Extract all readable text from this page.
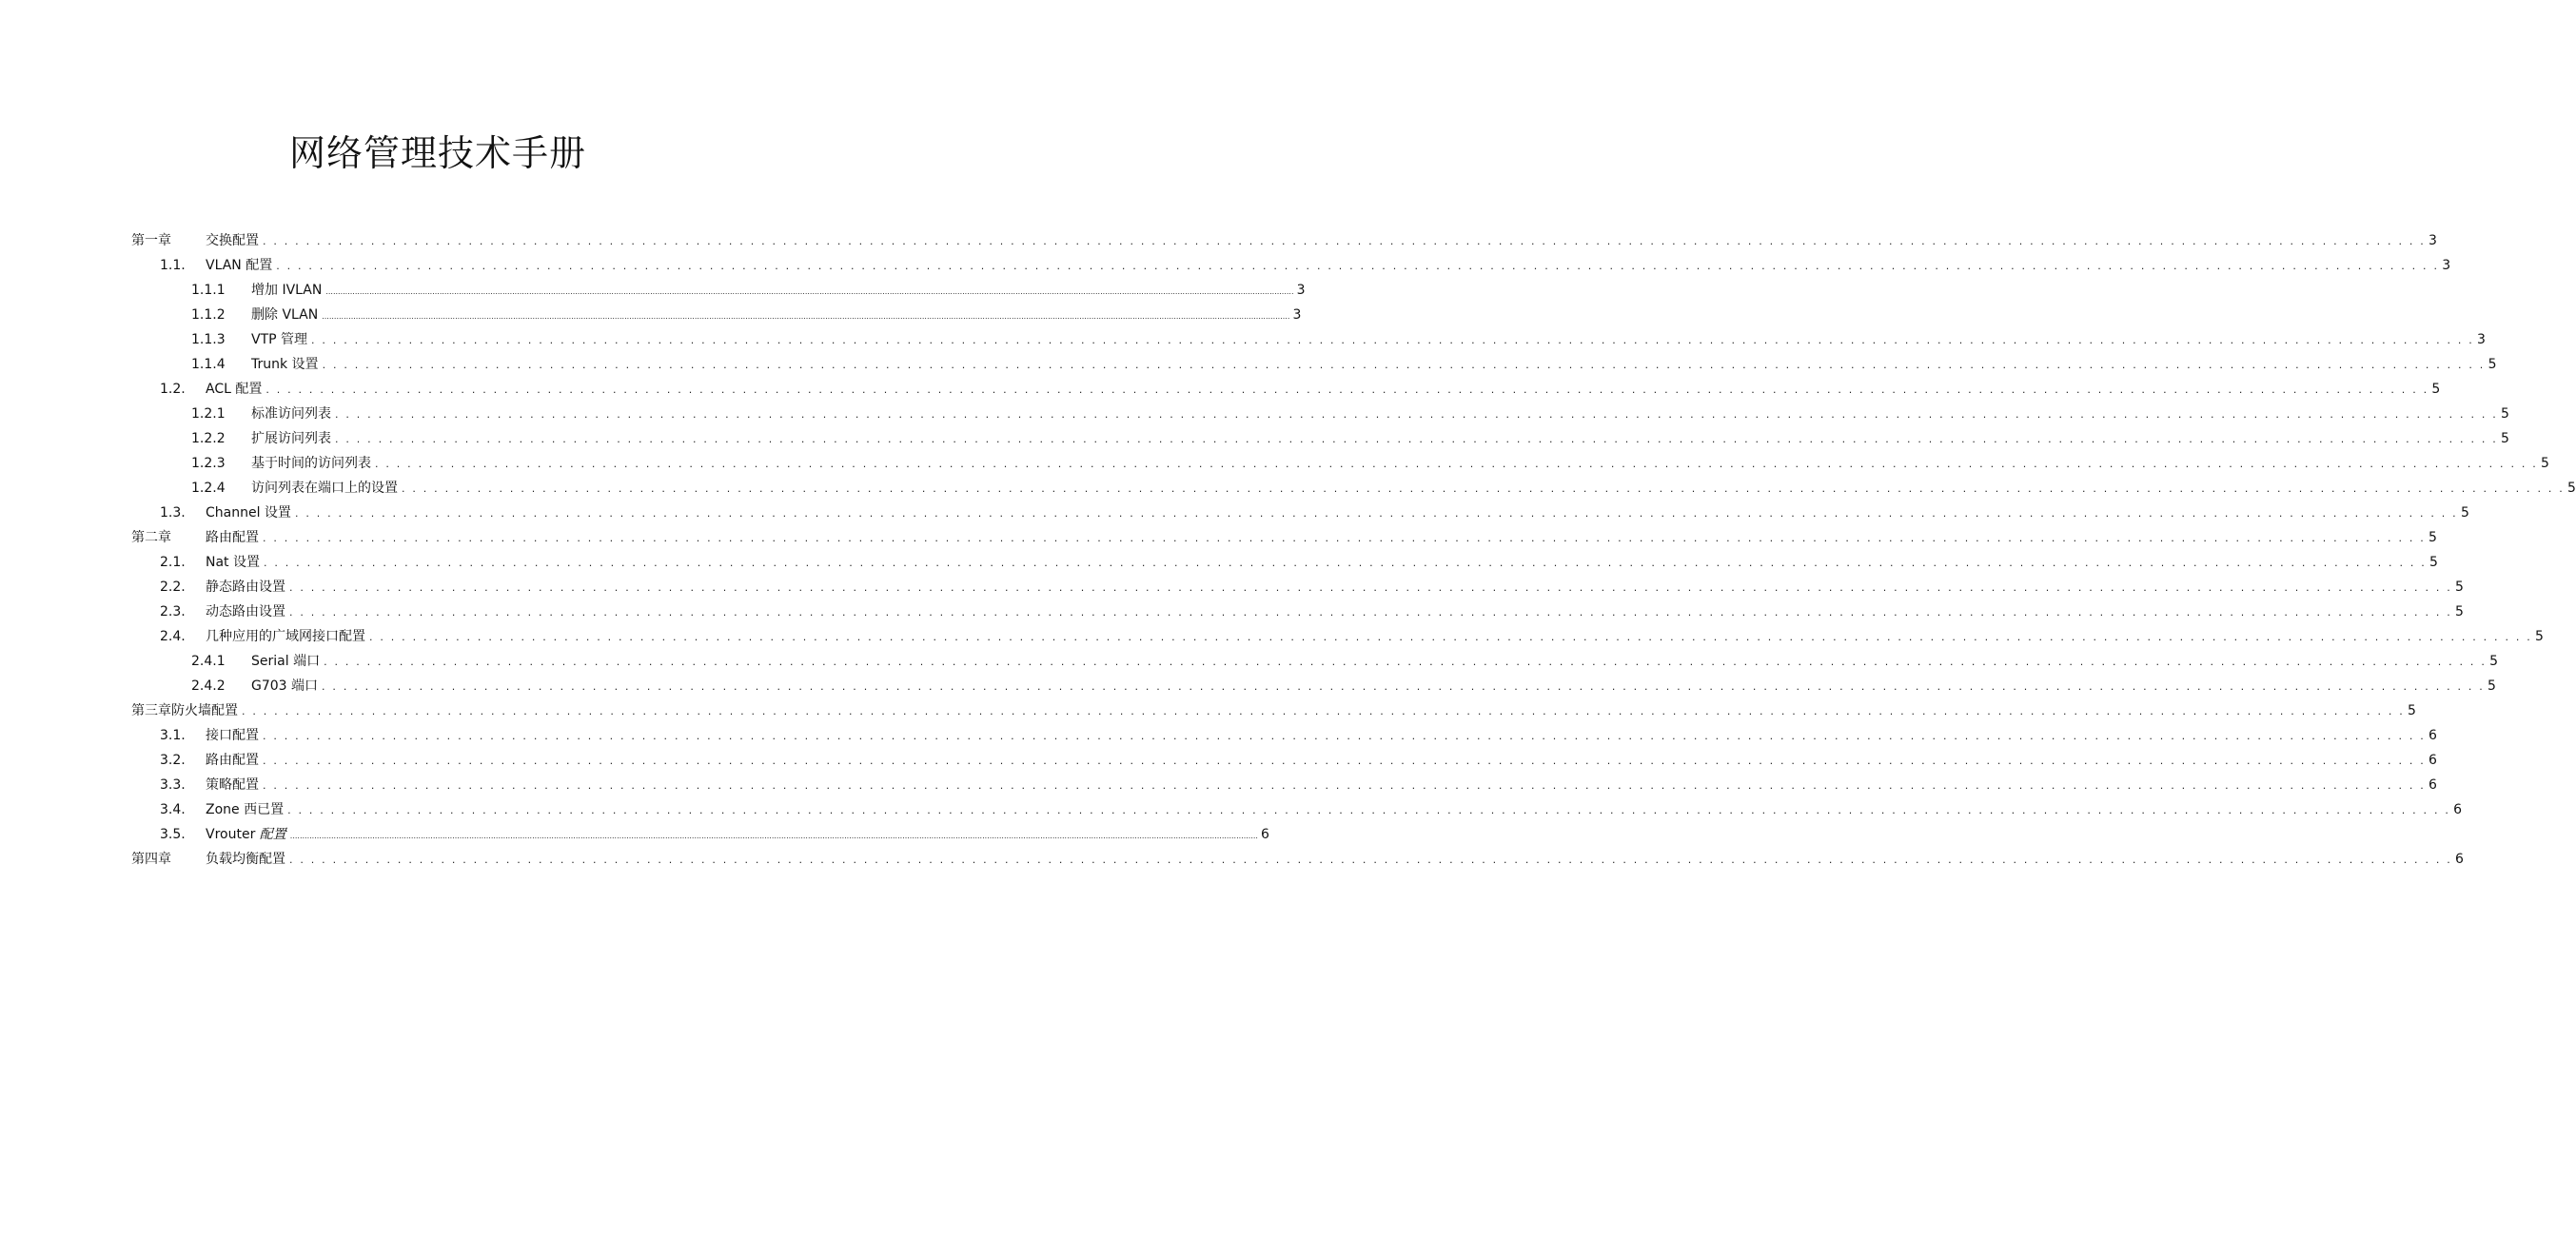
网络管理技术手册
第一章	交换配置 . . . . . . . . . . . . . . . . . . . . . . . . . . . . . . . . . . . . . . . . . . . . . . . . . . . . . . . . . . . . . . . . . . . . . . . . . . . . . . . . . . . . . . . . . . . . . . . . . . . . . . . . . . . . . . . . . . . . . . . . . . . . . . . . . . . . . . . . . . . . . . . . . . . . . . . . . . . . . . . . . . . . . . . . . . . . . . . . . . . . . . . . . . . . . . . . . . . . . . . . 3
1.1. VLAN 配置 . . . . . . . . . . . . . . . . . . . . . . . . . . . . . . . . . . . . . . . . . . . . . . . . . . . . . . . . . . . . . . . . . . . . . . . . . . . . . . . . . . . . . . . . . . . . . . . . . . . . . . . . . . . . . . . . . . . . . . . . . . . . . . . . . . . . . . . . . . . . . . . . . . . . . . . . . . . . . . . . . . . . . . . . . . . . . . . . . . . . . . . . . . . . . . . . . . . . . . . . 3
1.1.1 增加 IVLAN ................................................................................................................................................................................................................................................................................................................................................................................................................ 3
1.1.2 删除 VLAN ................................................................................................................................................................................................................................................................................................................................................................................................................ 3
1.1.3 VTP 管理 . . . . . . . . . . . . . . . . . . . . . . . . . . . . . . . . . . . . . . . . . . . . . . . . . . . . . . . . . . . . . . . . . . . . . . . . . . . . . . . . . . . . . . . . . . . . . . . . . . . . . . . . . . . . . . . . . . . . . . . . . . . . . . . . . . . . . . . . . . . . . . . . . . . . . . . . . . . . . . . . . . . . . . . . . . . . . . . . . . . . . . . . . . . . . . . . . . . . . . . . 3
1.1.4 Trunk 设置 . . . . . . . . . . . . . . . . . . . . . . . . . . . . . . . . . . . . . . . . . . . . . . . . . . . . . . . . . . . . . . . . . . . . . . . . . . . . . . . . . . . . . . . . . . . . . . . . . . . . . . . . . . . . . . . . . . . . . . . . . . . . . . . . . . . . . . . . . . . . . . . . . . . . . . . . . . . . . . . . . . . . . . . . . . . . . . . . . . . . . . . . . . . . . . . . . . . . . . . . 5
1.2. ACL 配置 . . . . . . . . . . . . . . . . . . . . . . . . . . . . . . . . . . . . . . . . . . . . . . . . . . . . . . . . . . . . . . . . . . . . . . . . . . . . . . . . . . . . . . . . . . . . . . . . . . . . . . . . . . . . . . . . . . . . . . . . . . . . . . . . . . . . . . . . . . . . . . . . . . . . . . . . . . . . . . . . . . . . . . . . . . . . . . . . . . . . . . . . . . . . . . . . . . . . . . . . 5
1.2.1 标准访问列表 . . . . . . . . . . . . . . . . . . . . . . . . . . . . . . . . . . . . . . . . . . . . . . . . . . . . . . . . . . . . . . . . . . . . . . . . . . . . . . . . . . . . . . . . . . . . . . . . . . . . . . . . . . . . . . . . . . . . . . . . . . . . . . . . . . . . . . . . . . . . . . . . . . . . . . . . . . . . . . . . . . . . . . . . . . . . . . . . . . . . . . . . . . . . . . . . . . . . . . . . 5
1.2.2 扩展访问列表 . . . . . . . . . . . . . . . . . . . . . . . . . . . . . . . . . . . . . . . . . . . . . . . . . . . . . . . . . . . . . . . . . . . . . . . . . . . . . . . . . . . . . . . . . . . . . . . . . . . . . . . . . . . . . . . . . . . . . . . . . . . . . . . . . . . . . . . . . . . . . . . . . . . . . . . . . . . . . . . . . . . . . . . . . . . . . . . . . . . . . . . . . . . . . . . . . . . . . . . . 5
1.2.3 基于时间的访问列表 . . . . . . . . . . . . . . . . . . . . . . . . . . . . . . . . . . . . . . . . . . . . . . . . . . . . . . . . . . . . . . . . . . . . . . . . . . . . . . . . . . . . . . . . . . . . . . . . . . . . . . . . . . . . . . . . . . . . . . . . . . . . . . . . . . . . . . . . . . . . . . . . . . . . . . . . . . . . . . . . . . . . . . . . . . . . . . . . . . . . . . . . . . . . . . . . . . . . . . . . 5
1.2.4 访问列表在端口上的设置 . . . . . . . . . . . . . . . . . . . . . . . . . . . . . . . . . . . . . . . . . . . . . . . . . . . . . . . . . . . . . . . . . . . . . . . . . . . . . . . . . . . . . . . . . . . . . . . . . . . . . . . . . . . . . . . . . . . . . . . . . . . . . . . . . . . . . . . . . . . . . . . . . . . . . . . . . . . . . . . . . . . . . . . . . . . . . . . . . . . . . . . . . . . . . . . . . . . . . . . . 5
1.3. Channel 设置 . . . . . . . . . . . . . . . . . . . . . . . . . . . . . . . . . . . . . . . . . . . . . . . . . . . . . . . . . . . . . . . . . . . . . . . . . . . . . . . . . . . . . . . . . . . . . . . . . . . . . . . . . . . . . . . . . . . . . . . . . . . . . . . . . . . . . . . . . . . . . . . . . . . . . . . . . . . . . . . . . . . . . . . . . . . . . . . . . . . . . . . . . . . . . . . . . . . . . . . . 5
第二章	路由配置 . . . . . . . . . . . . . . . . . . . . . . . . . . . . . . . . . . . . . . . . . . . . . . . . . . . . . . . . . . . . . . . . . . . . . . . . . . . . . . . . . . . . . . . . . . . . . . . . . . . . . . . . . . . . . . . . . . . . . . . . . . . . . . . . . . . . . . . . . . . . . . . . . . . . . . . . . . . . . . . . . . . . . . . . . . . . . . . . . . . . . . . . . . . . . . . . . . . . . . . . 5
2.1. Nat 设置 . . . . . . . . . . . . . . . . . . . . . . . . . . . . . . . . . . . . . . . . . . . . . . . . . . . . . . . . . . . . . . . . . . . . . . . . . . . . . . . . . . . . . . . . . . . . . . . . . . . . . . . . . . . . . . . . . . . . . . . . . . . . . . . . . . . . . . . . . . . . . . . . . . . . . . . . . . . . . . . . . . . . . . . . . . . . . . . . . . . . . . . . . . . . . . . . . . . . . . . . 5
2.2. 静态路由设置 . . . . . . . . . . . . . . . . . . . . . . . . . . . . . . . . . . . . . . . . . . . . . . . . . . . . . . . . . . . . . . . . . . . . . . . . . . . . . . . . . . . . . . . . . . . . . . . . . . . . . . . . . . . . . . . . . . . . . . . . . . . . . . . . . . . . . . . . . . . . . . . . . . . . . . . . . . . . . . . . . . . . . . . . . . . . . . . . . . . . . . . . . . . . . . . . . . . . . . . . 5
2.3. 动态路由设置 . . . . . . . . . . . . . . . . . . . . . . . . . . . . . . . . . . . . . . . . . . . . . . . . . . . . . . . . . . . . . . . . . . . . . . . . . . . . . . . . . . . . . . . . . . . . . . . . . . . . . . . . . . . . . . . . . . . . . . . . . . . . . . . . . . . . . . . . . . . . . . . . . . . . . . . . . . . . . . . . . . . . . . . . . . . . . . . . . . . . . . . . . . . . . . . . . . . . . . . . 5
2.4. 几种应用的广域网接口配置 . . . . . . . . . . . . . . . . . . . . . . . . . . . . . . . . . . . . . . . . . . . . . . . . . . . . . . . . . . . . . . . . . . . . . . . . . . . . . . . . . . . . . . . . . . . . . . . . . . . . . . . . . . . . . . . . . . . . . . . . . . . . . . . . . . . . . . . . . . . . . . . . . . . . . . . . . . . . . . . . . . . . . . . . . . . . . . . . . . . . . . . . . . . . . . . . . . . . . . . . 5
2.4.1 Serial 端口 . . . . . . . . . . . . . . . . . . . . . . . . . . . . . . . . . . . . . . . . . . . . . . . . . . . . . . . . . . . . . . . . . . . . . . . . . . . . . . . . . . . . . . . . . . . . . . . . . . . . . . . . . . . . . . . . . . . . . . . . . . . . . . . . . . . . . . . . . . . . . . . . . . . . . . . . . . . . . . . . . . . . . . . . . . . . . . . . . . . . . . . . . . . . . . . . . . . . . . . . 5
2.4.2 G703 端口 . . . . . . . . . . . . . . . . . . . . . . . . . . . . . . . . . . . . . . . . . . . . . . . . . . . . . . . . . . . . . . . . . . . . . . . . . . . . . . . . . . . . . . . . . . . . . . . . . . . . . . . . . . . . . . . . . . . . . . . . . . . . . . . . . . . . . . . . . . . . . . . . . . . . . . . . . . . . . . . . . . . . . . . . . . . . . . . . . . . . . . . . . . . . . . . . . . . . . . . . 5
第三章防火墙配置 . . . . . . . . . . . . . . . . . . . . . . . . . . . . . . . . . . . . . . . . . . . . . . . . . . . . . . . . . . . . . . . . . . . . . . . . . . . . . . . . . . . . . . . . . . . . . . . . . . . . . . . . . . . . . . . . . . . . . . . . . . . . . . . . . . . . . . . . . . . . . . . . . . . . . . . . . . . . . . . . . . . . . . . . . . . . . . . . . . . . . . . . . . . . . . . . . . . . . . . . 5
3.1. 接口配置 . . . . . . . . . . . . . . . . . . . . . . . . . . . . . . . . . . . . . . . . . . . . . . . . . . . . . . . . . . . . . . . . . . . . . . . . . . . . . . . . . . . . . . . . . . . . . . . . . . . . . . . . . . . . . . . . . . . . . . . . . . . . . . . . . . . . . . . . . . . . . . . . . . . . . . . . . . . . . . . . . . . . . . . . . . . . . . . . . . . . . . . . . . . . . . . . . . . . . . . . 6
3.2. 路由配置 . . . . . . . . . . . . . . . . . . . . . . . . . . . . . . . . . . . . . . . . . . . . . . . . . . . . . . . . . . . . . . . . . . . . . . . . . . . . . . . . . . . . . . . . . . . . . . . . . . . . . . . . . . . . . . . . . . . . . . . . . . . . . . . . . . . . . . . . . . . . . . . . . . . . . . . . . . . . . . . . . . . . . . . . . . . . . . . . . . . . . . . . . . . . . . . . . . . . . . . . 6
3.3. 策略配置 . . . . . . . . . . . . . . . . . . . . . . . . . . . . . . . . . . . . . . . . . . . . . . . . . . . . . . . . . . . . . . . . . . . . . . . . . . . . . . . . . . . . . . . . . . . . . . . . . . . . . . . . . . . . . . . . . . . . . . . . . . . . . . . . . . . . . . . . . . . . . . . . . . . . . . . . . . . . . . . . . . . . . . . . . . . . . . . . . . . . . . . . . . . . . . . . . . . . . . . . 6
3.4. Zone 西已置 . . . . . . . . . . . . . . . . . . . . . . . . . . . . . . . . . . . . . . . . . . . . . . . . . . . . . . . . . . . . . . . . . . . . . . . . . . . . . . . . . . . . . . . . . . . . . . . . . . . . . . . . . . . . . . . . . . . . . . . . . . . . . . . . . . . . . . . . . . . . . . . . . . . . . . . . . . . . . . . . . . . . . . . . . . . . . . . . . . . . . . . . . . . . . . . . . . . . . . . . 6
3.5. Vrouter 配置 ................................................................................................................................................................................................................................................................................................................................................................................................................ 6
第四章	负载均衡配置 . . . . . . . . . . . . . . . . . . . . . . . . . . . . . . . . . . . . . . . . . . . . . . . . . . . . . . . . . . . . . . . . . . . . . . . . . . . . . . . . . . . . . . . . . . . . . . . . . . . . . . . . . . . . . . . . . . . . . . . . . . . . . . . . . . . . . . . . . . . . . . . . . . . . . . . . . . . . . . . . . . . . . . . . . . . . . . . . . . . . . . . . . . . . . . . . . . . . . . . . 6
